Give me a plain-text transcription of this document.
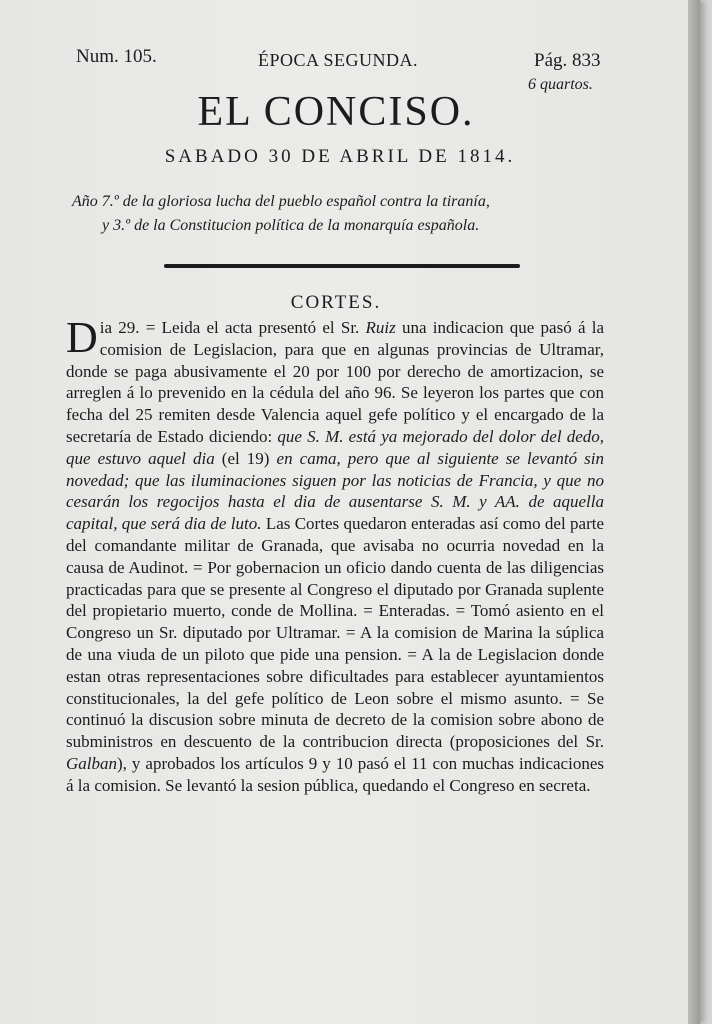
Num. 105.	ÉPOCA SEGUNDA.	Pág. 833
6 quartos.
EL CONCISO.
SABADO 30 DE ABRIL DE 1814.
Año 7.º de la gloriosa lucha del pueblo español contra la tiranía,
y 3.º de la Constitucion política de la monarquía española.
CORTES.
Dia 29. = Leida el acta presentó el Sr. Ruiz una indicacion que pasó á la comision de Legislacion, para que en algunas provincias de Ultramar, donde se paga abusivamente el 20 por 100 por derecho de amortizacion, se arreglen á lo prevenido en la cédula del año 96. Se leyeron los partes que con fecha del 25 remiten desde Valencia aquel gefe político y el encargado de la secretaría de Estado diciendo: que S. M. está ya mejorado del dolor del dedo, que estuvo aquel dia (el 19) en cama, pero que al siguiente se levantó sin novedad; que las iluminaciones siguen por las noticias de Francia, y que no cesarán los regocijos hasta el dia de ausentarse S. M. y AA. de aquella capital, que será dia de luto. Las Cortes quedaron enteradas así como del parte del comandante militar de Granada, que avisaba no ocurria novedad en la causa de Audinot. = Por gobernacion un oficio dando cuenta de las diligencias practicadas para que se presente al Congreso el diputado por Granada suplente del propietario muerto, conde de Mollina. = Enteradas. = Tomó asiento en el Congreso un Sr. diputado por Ultramar. = A la comision de Marina la súplica de una viuda de un piloto que pide una pension. = A la de Legislacion donde estan otras representaciones sobre dificultades para establecer ayuntamientos constitucionales, la del gefe político de Leon sobre el mismo asunto. = Se continuó la discusion sobre minuta de decreto de la comision sobre abono de subministros en descuento de la contribucion directa (proposiciones del Sr. Galban), y aprobados los artículos 9 y 10 pasó el 11 con muchas indicaciones á la comision. Se levantó la sesion pública, quedando el Congreso en secreta.
